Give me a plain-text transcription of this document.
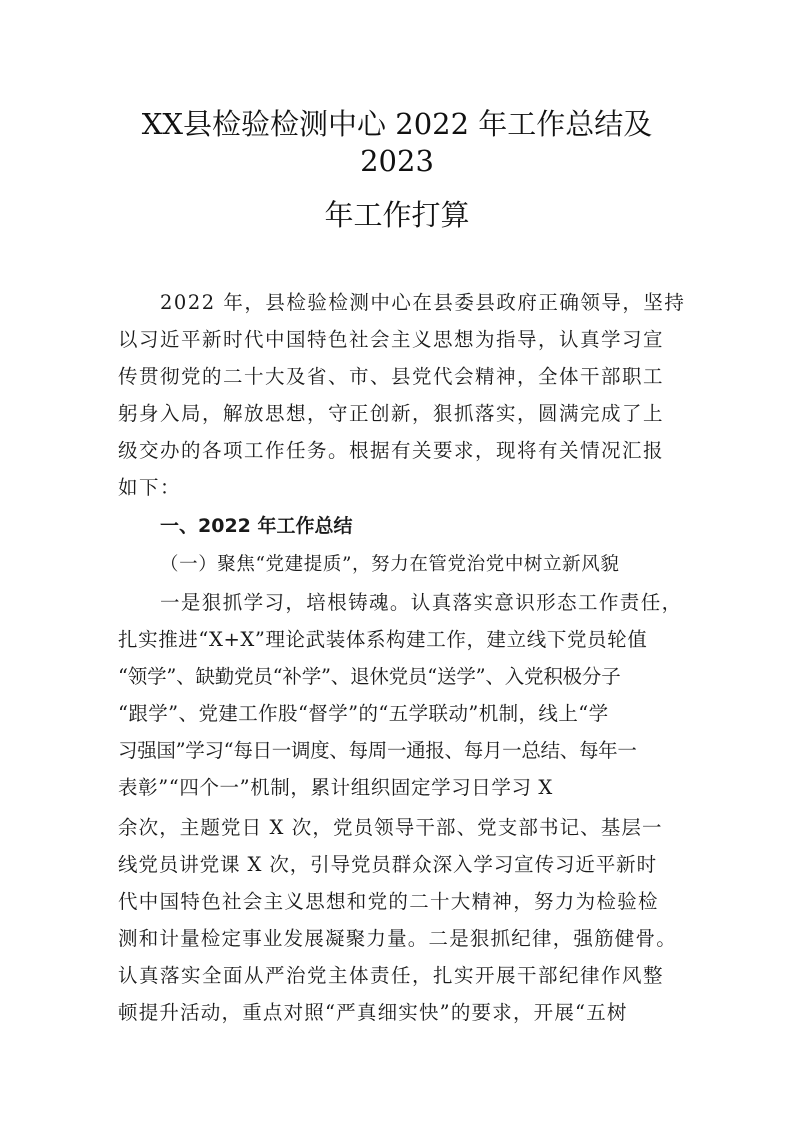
XX县检验检测中心 2022 年工作总结及
2023
年工作打算
2022 年，县检验检测中心在县委县政府正确领导，坚持
以习近平新时代中国特色社会主义思想为指导，认真学习宣
传贯彻党的二十大及省、市、县党代会精神，全体干部职工
躬身入局，解放思想，守正创新，狠抓落实，圆满完成了上
级交办的各项工作任务。根据有关要求，现将有关情况汇报
如下：
一、2022 年工作总结
（一）聚焦“党建提质”，努力在管党治党中树立新风貌
一是狠抓学习，培根铸魂。认真落实意识形态工作责任，
扎实推进“X+X”理论武装体系构建工作，建立线下党员轮值
“领学”、缺勤党员“补学”、退休党员“送学”、入党积极分子
“跟学”、党建工作股“督学”的“五学联动”机制，线上“学
习强国”学习“每日一调度、每周一通报、每月一总结、每年一
表彰”“四个一”机制，累计组织固定学习日学习 X
余次，主题党日 X 次，党员领导干部、党支部书记、基层一
线党员讲党课 X 次，引导党员群众深入学习宣传习近平新时
代中国特色社会主义思想和党的二十大精神，努力为检验检
测和计量检定事业发展凝聚力量。二是狠抓纪律，强筋健骨。
认真落实全面从严治党主体责任，扎实开展干部纪律作风整
顿提升活动，重点对照“严真细实快”的要求，开展“五树
